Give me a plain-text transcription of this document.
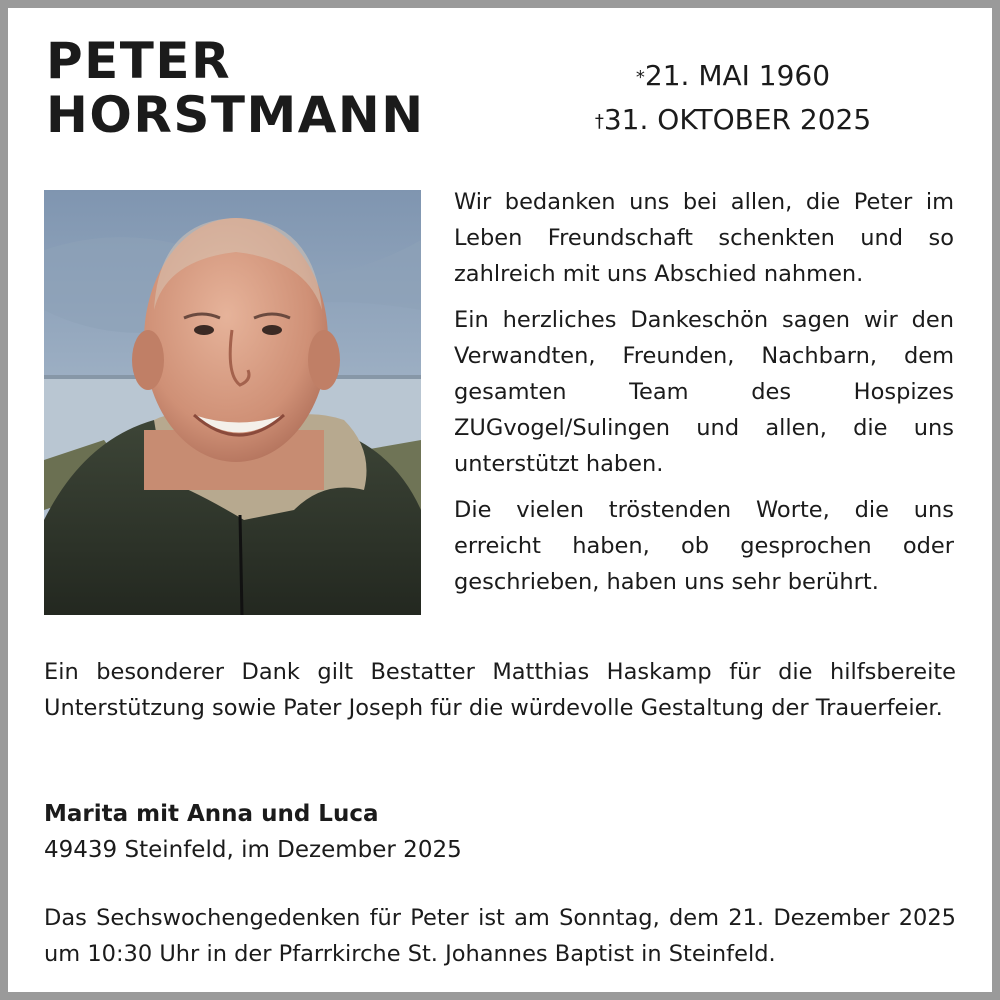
PETER
HORSTMANN
*21. MAI 1960
†31. OKTOBER 2025

Wir bedanken uns bei allen, die Peter im Leben Freundschaft schenkten und so zahlreich mit uns Abschied nahmen.

Ein herzliches Dankeschön sagen wir den Verwandten, Freunden, Nachbarn, dem gesamten Team des Hospizes ZUGvogel/Sulingen und allen, die uns unterstützt haben.

Die vielen tröstenden Worte, die uns erreicht haben, ob gesprochen oder geschrieben, haben uns sehr berührt.

Ein besonderer Dank gilt Bestatter Matthias Haskamp für die hilfsbereite Unterstützung sowie Pater Joseph für die würdevolle Gestaltung der Trauerfeier.

Marita mit Anna und Luca
49439 Steinfeld, im Dezember 2025

Das Sechswochengedenken für Peter ist am Sonntag, dem 21. Dezember 2025 um 10:30 Uhr in der Pfarrkirche St. Johannes Baptist in Steinfeld.
